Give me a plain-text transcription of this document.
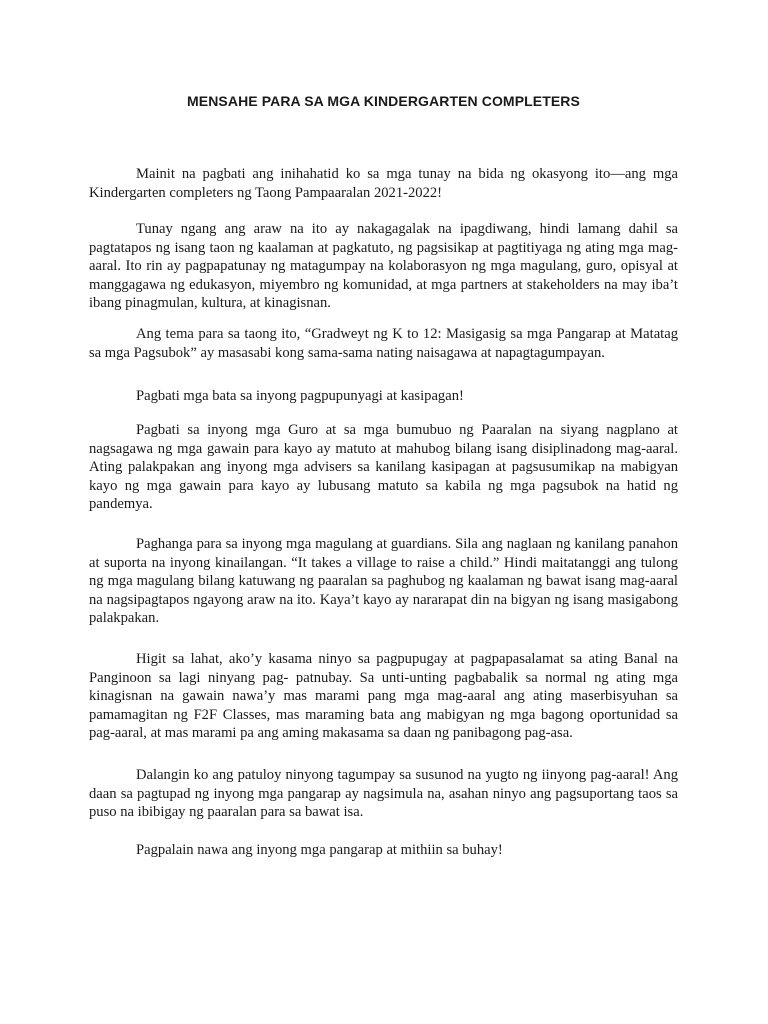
MENSAHE PARA SA MGA KINDERGARTEN COMPLETERS

Mainit na pagbati ang inihahatid ko sa mga tunay na bida ng okasyong ito—ang mga Kindergarten completers ng Taong Pampaaralan 2021-2022!

Tunay ngang ang araw na ito ay nakagagalak na ipagdiwang, hindi lamang dahil sa pagtatapos ng isang taon ng kaalaman at pagkatuto, ng pagsisikap at pagtitiyaga ng ating mga mag-aaral. Ito rin ay pagpapatunay ng matagumpay na kolaborasyon ng mga magulang, guro, opisyal at manggagawa ng edukasyon, miyembro ng komunidad, at mga partners at stakeholders na may iba’t ibang pinagmulan, kultura, at kinagisnan.

Ang tema para sa taong ito, “Gradweyt ng K to 12: Masigasig sa mga Pangarap at Matatag sa mga Pagsubok” ay masasabi kong sama-sama nating naisagawa at napagtagumpayan.

Pagbati mga bata sa inyong pagpupunyagi at kasipagan!

Pagbati sa inyong mga Guro at sa mga bumubuo ng Paaralan na siyang nagplano at nagsagawa ng mga gawain para kayo ay matuto at mahubog bilang isang disiplinadong mag-aaral. Ating palakpakan ang inyong mga advisers sa kanilang kasipagan at pagsusumikap na mabigyan kayo ng mga gawain para kayo ay lubusang matuto sa kabila ng mga pagsubok na hatid ng pandemya.

Paghanga para sa inyong mga magulang at guardians. Sila ang naglaan ng kanilang panahon at suporta na inyong kinailangan. “It takes a village to raise a child.” Hindi maitatanggi ang tulong ng mga magulang bilang katuwang ng paaralan sa paghubog ng kaalaman ng bawat isang mag-aaral na nagsipagtapos ngayong araw na ito. Kaya’t kayo ay nararapat din na bigyan ng isang masigabong palakpakan.

Higit sa lahat, ako’y kasama ninyo sa pagpupugay at pagpapasalamat sa ating Banal na Panginoon sa lagi ninyang pag- patnubay. Sa unti-unting pagbabalik sa normal ng ating mga kinagisnan na gawain nawa’y mas marami pang mga mag-aaral ang ating maserbisyuhan sa pamamagitan ng F2F Classes, mas maraming bata ang mabigyan ng mga bagong oportunidad sa pag-aaral, at mas marami pa ang aming makasama sa daan ng panibagong pag-asa.

Dalangin ko ang patuloy ninyong tagumpay sa susunod na yugto ng iinyong pag-aaral! Ang daan sa pagtupad ng inyong mga pangarap ay nagsimula na, asahan ninyo ang pagsuportang taos sa puso na ibibigay ng paaralan para sa bawat isa.

Pagpalain nawa ang inyong mga pangarap at mithiin sa buhay!
